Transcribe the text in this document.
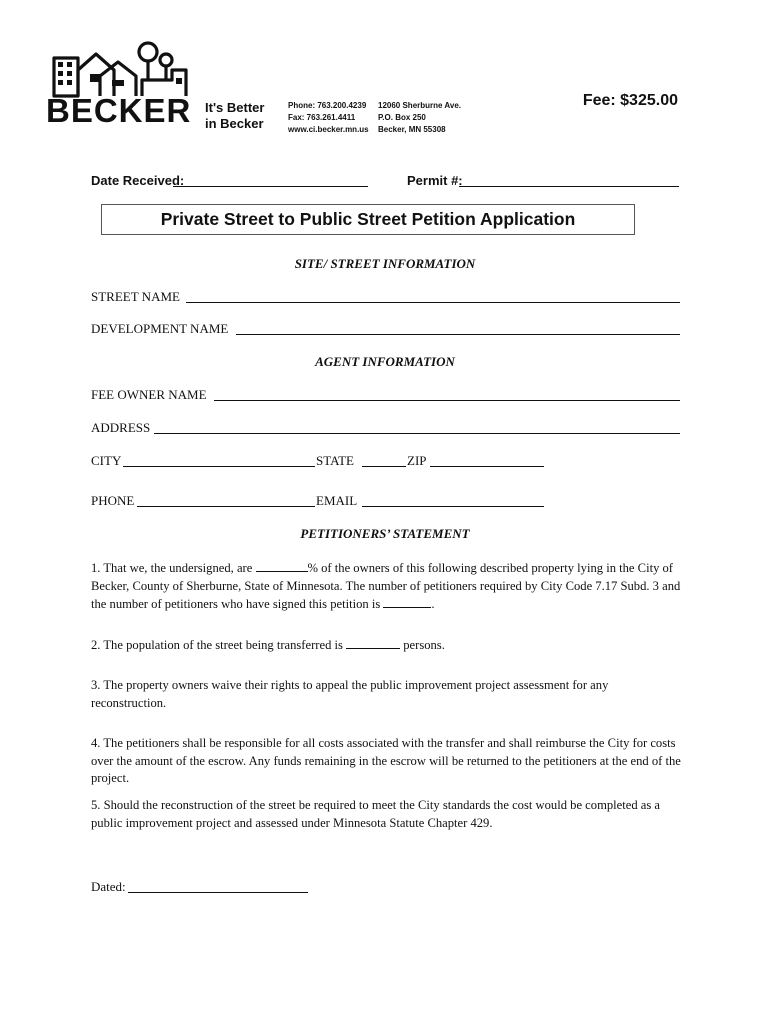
BECKER It's Better
in Becker
Phone: 763.200.4239
Fax: 763.261.4411
www.ci.becker.mn.us
12060 Sherburne Ave.
P.O. Box 250
Becker, MN 55308
Fee: $325.00
Date Received:	Permit #:
Private Street to Public Street Petition Application
SITE/ STREET INFORMATION
STREET NAME
DEVELOPMENT NAME
AGENT INFORMATION
FEE OWNER NAME
ADDRESS
CITY	STATE	ZIP
PHONE	EMAIL
PETITIONERS’ STATEMENT
1. That we, the undersigned, are	% of the owners of this following described property lying in the City of Becker, County of Sherburne, State of Minnesota. The number of petitioners required by City Code 7.17 Subd. 3 and the number of petitioners who have signed this petition is	.
2. The population of the street being transferred is	persons.
3. The property owners waive their rights to appeal the public improvement project assessment for any reconstruction.
4. The petitioners shall be responsible for all costs associated with the transfer and shall reimburse the City for costs over the amount of the escrow. Any funds remaining in the escrow will be returned to the petitioners at the end of the project.
5. Should the reconstruction of the street be required to meet the City standards the cost would be completed as a public improvement project and assessed under Minnesota Statute Chapter 429.
Dated:
